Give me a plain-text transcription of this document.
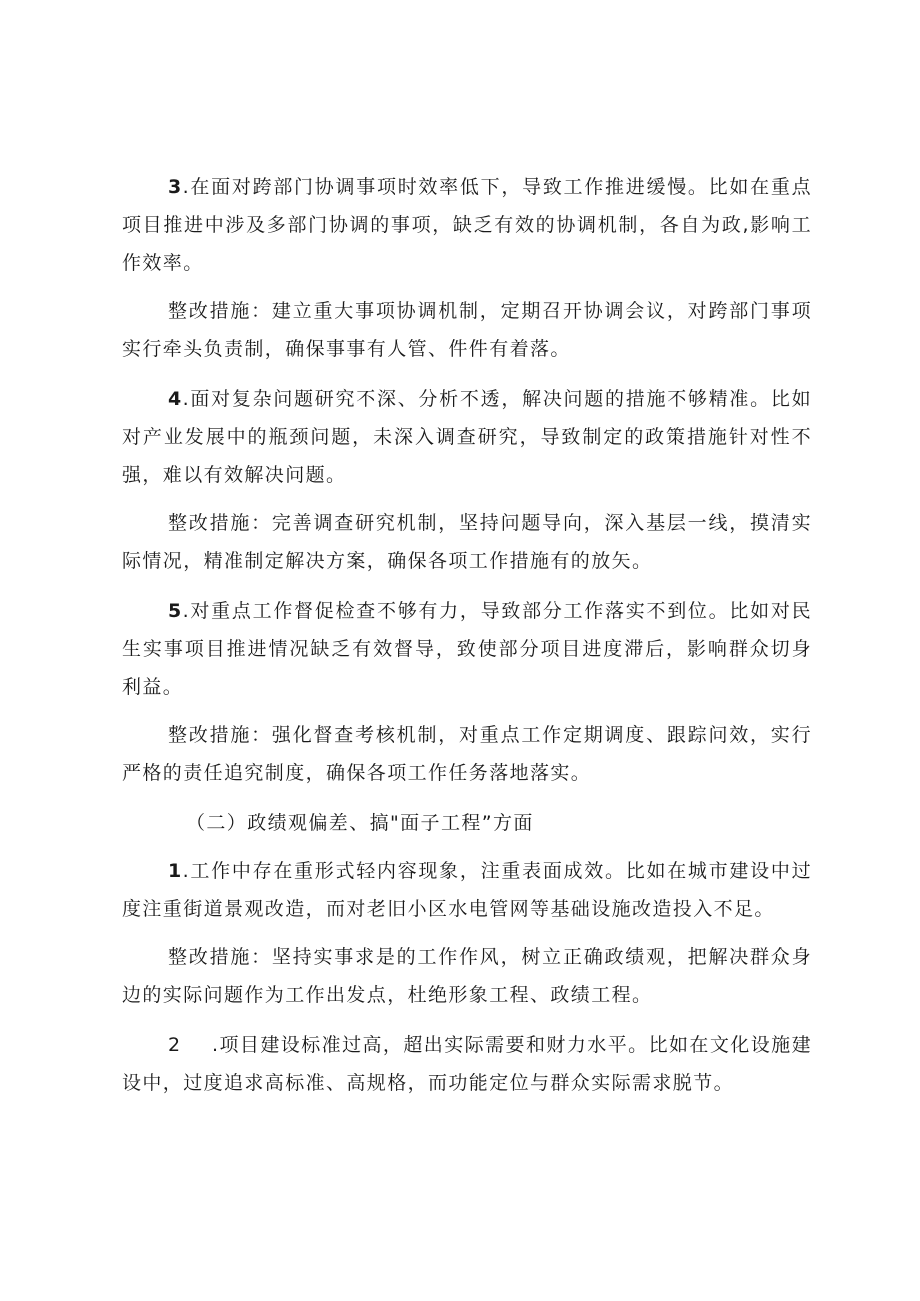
3.在面对跨部门协调事项时效率低下，导致工作推进缓慢。比如在重点项目推进中涉及多部门协调的事项，缺乏有效的协调机制，各自为政,影响工作效率。

整改措施：建立重大事项协调机制，定期召开协调会议，对跨部门事项实行牵头负责制，确保事事有人管、件件有着落。

4.面对复杂问题研究不深、分析不透，解决问题的措施不够精准。比如对产业发展中的瓶颈问题，未深入调查研究，导致制定的政策措施针对性不强，难以有效解决问题。

整改措施：完善调查研究机制，坚持问题导向，深入基层一线，摸清实际情况，精准制定解决方案，确保各项工作措施有的放矢。

5.对重点工作督促检查不够有力，导致部分工作落实不到位。比如对民生实事项目推进情况缺乏有效督导，致使部分项目进度滞后，影响群众切身利益。

整改措施：强化督查考核机制，对重点工作定期调度、跟踪问效，实行严格的责任追究制度，确保各项工作任务落地落实。

（二）政绩观偏差、搞"面子工程”方面

1.工作中存在重形式轻内容现象，注重表面成效。比如在城市建设中过度注重街道景观改造，而对老旧小区水电管网等基础设施改造投入不足。

整改措施：坚持实事求是的工作作风，树立正确政绩观，把解决群众身边的实际问题作为工作出发点，杜绝形象工程、政绩工程。

2 .项目建设标准过高，超出实际需要和财力水平。比如在文化设施建设中，过度追求高标准、高规格，而功能定位与群众实际需求脱节。
